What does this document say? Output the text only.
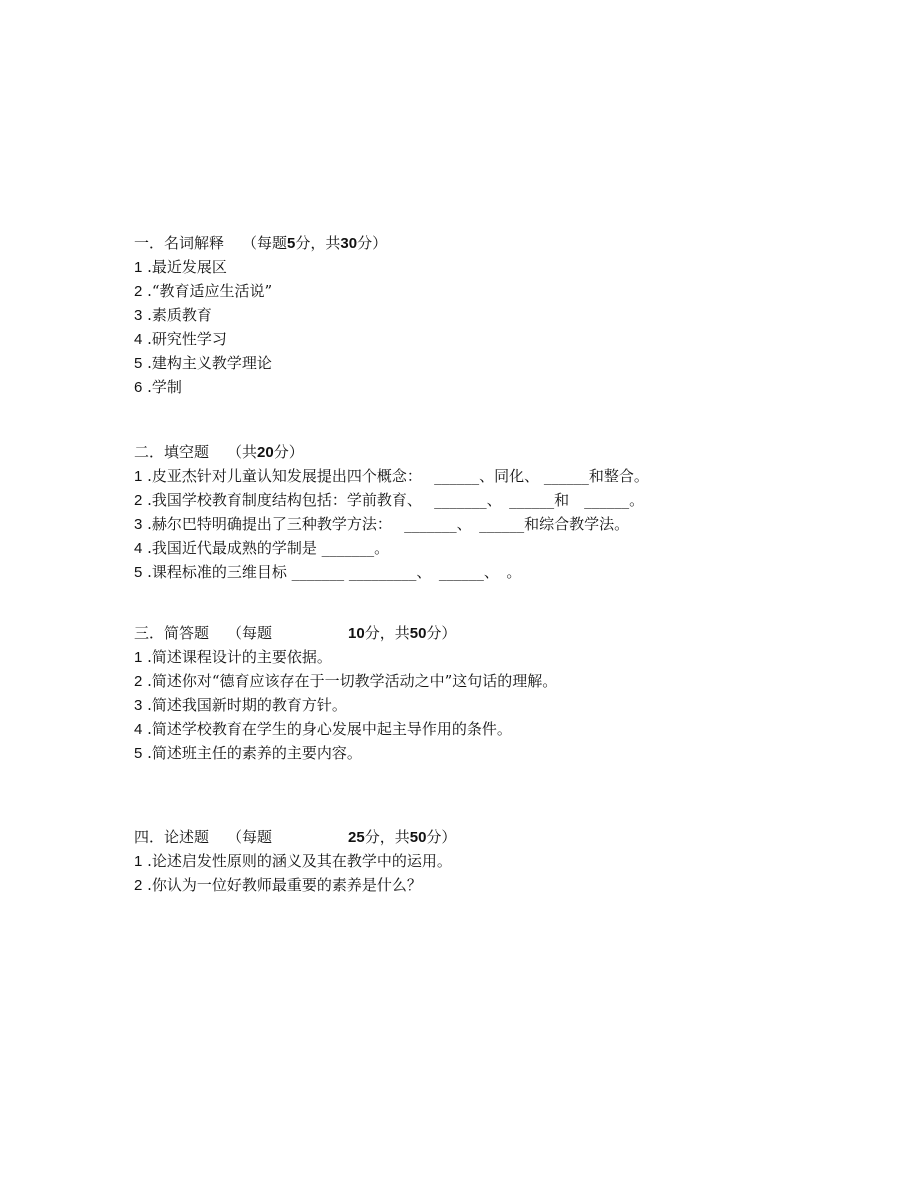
一．名词解释 （每题5分，共30分）
1 .最近发展区
2 .“教育适应生活说”
3 .素质教育
4 .研究性学习
5 .建构主义教学理论
6 .学制
二．填空题 （共20分）
1 .皮亚杰针对儿童认知发展提出四个概念：　 ______、同化、 ______和整合。
2 .我国学校教育制度结构包括：学前教育、　 _______、　______和　______。
3 .赫尔巴特明确提出了三种教学方法：　 _______、　______和综合教学法。
4 .我国近代最成熟的学制是 _______。
5 .课程标准的三维目标 _______ _________、　______、　。
三．简答题 （每题	10分，共50分）
1 .简述课程设计的主要依据。
2 .简述你对“德育应该存在于一切教学活动之中”这句话的理解。
3 .简述我国新时期的教育方针。
4 .简述学校教育在学生的身心发展中起主导作用的条件。
5 .简述班主任的素养的主要内容。
四．论述题 （每题	25分，共50分）
1 .论述启发性原则的涵义及其在教学中的运用。
2 .你认为一位好教师最重要的素养是什么？
